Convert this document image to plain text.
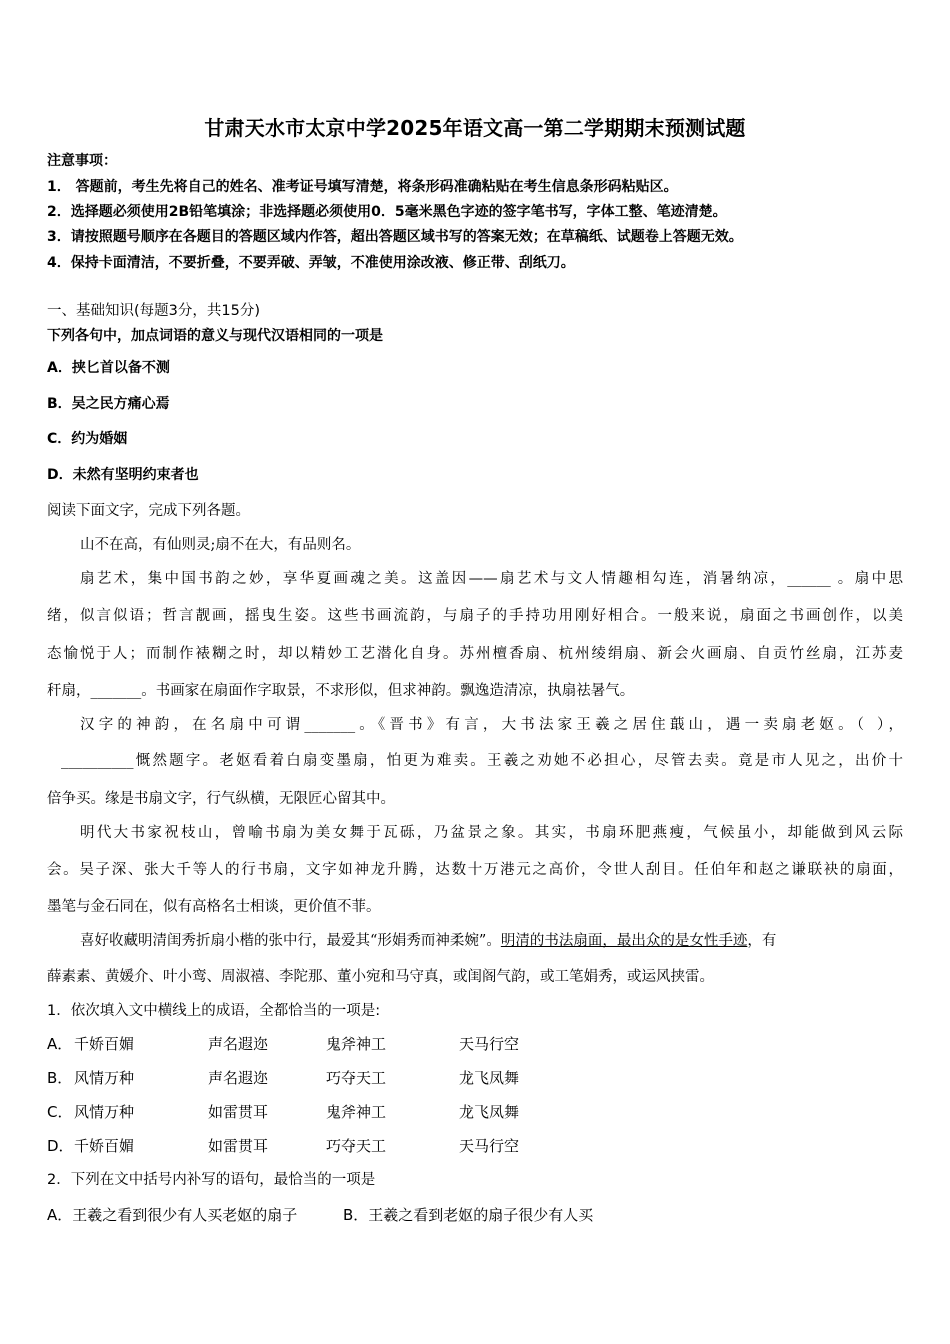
甘肃天水市太京中学2025年语文高一第二学期期末预测试题
注意事项：
1． 答题前，考生先将自己的姓名、准考证号填写清楚，将条形码准确粘贴在考生信息条形码粘贴区。
2．选择题必须使用2B铅笔填涂；非选择题必须使用0．5毫米黑色字迹的签字笔书写，字体工整、笔迹清楚。
3．请按照题号顺序在各题目的答题区域内作答，超出答题区域书写的答案无效；在草稿纸、试题卷上答题无效。
4．保持卡面清洁，不要折叠，不要弄破、弄皱，不准使用涂改液、修正带、刮纸刀。
一、基础知识(每题3分，共15分)
下列各句中，加点词语的意义与现代汉语相同的一项是
A．挟匕首以备不测
B．吴之民方痛心焉
C．约为婚姻
D．未然有坚明约束者也
阅读下面文字，完成下列各题。
山不在高，有仙则灵;扇不在大，有品则名。
扇艺术，集中国书韵之妙，享华夏画魂之美。这盖因——扇艺术与文人情趣相勾连，消暑纳凉，______ 。扇中思
绪，似言似语；哲言靓画，摇曳生姿。这些书画流韵，与扇子的手持功用刚好相合。一般来说，扇面之书画创作，以美
态愉悦于人；而制作裱糊之时，却以精妙工艺潜化自身。苏州檀香扇、杭州绫绢扇、新会火画扇、自贡竹丝扇，江苏麦
秆扇，_______。书画家在扇面作字取景，不求形似，但求神韵。飘逸造清凉，执扇祛暑气。
汉字的神韵，在名扇中可谓_______。《晋书》有言，大书法家王羲之居住蕺山，遇一卖扇老妪。（ ），
__________慨然题字。老妪看着白扇变墨扇，怕更为难卖。王羲之劝她不必担心，尽管去卖。竟是市人见之，出价十
倍争买。缘是书扇文字，行气纵横，无限匠心留其中。
明代大书家祝枝山，曾喻书扇为美女舞于瓦砾，乃盆景之象。其实，书扇环肥燕瘦，气候虽小，却能做到风云际
会。吴子深、张大千等人的行书扇，文字如神龙升腾，达数十万港元之高价，令世人刮目。任伯年和赵之谦联袂的扇面，
墨笔与金石同在，似有高格名士相谈，更价值不菲。
喜好收藏明清闺秀折扇小楷的张中行，最爱其“形娟秀而神柔婉”。明清的书法扇面，最出众的是女性手迹，有
薛素素、黄媛介、叶小鸾、周淑禧、李陀那、董小宛和马守真，或闺阁气韵，或工笔娟秀，或运风挟雷。
1．依次填入文中横线上的成语，全都恰当的一项是:
A． 千娇百媚	声名遐迩	鬼斧神工	天马行空
B． 风情万种	声名遐迩	巧夺天工	龙飞凤舞
C． 风情万种	如雷贯耳	鬼斧神工	龙飞凤舞
D． 千娇百媚	如雷贯耳	巧夺天工	天马行空
2．下列在文中括号内补写的语句，最恰当的一项是
A．王羲之看到很少有人买老妪的扇子	B．王羲之看到老妪的扇子很少有人买
